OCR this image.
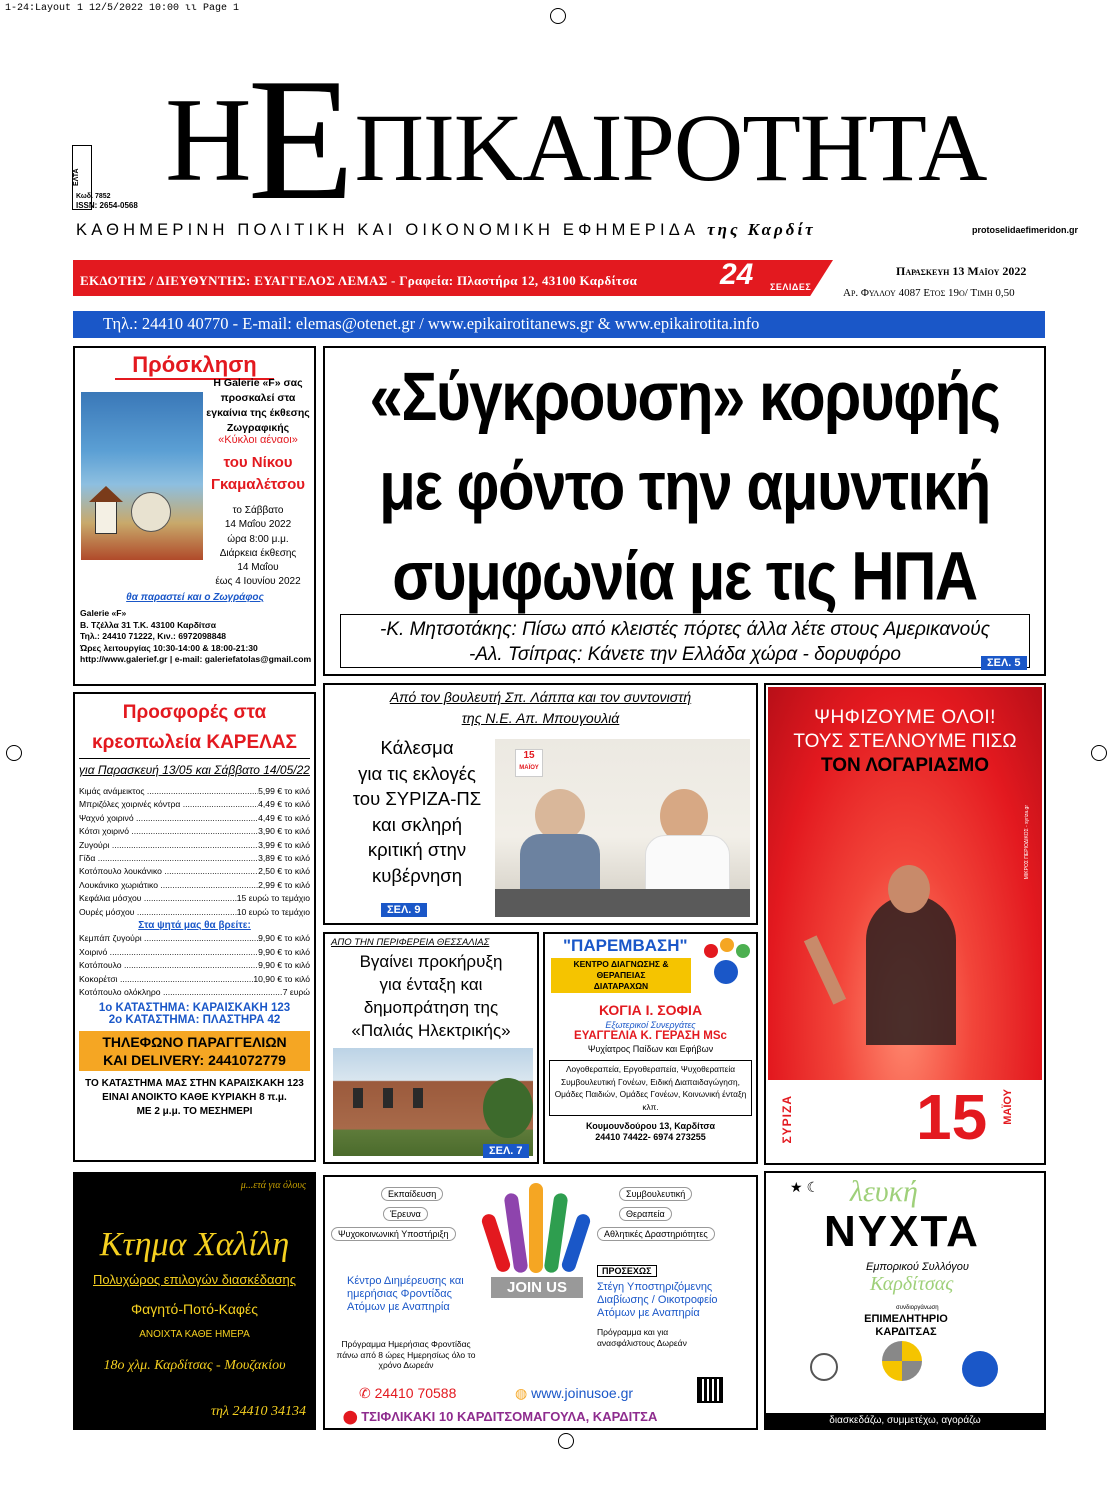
1-24:Layout 1 12/5/2022 10:00 ιι Page 1
ΕΛΤΑ
Κωδ. 7852
ISSN: 2654-0568 Η ΕΠΙΚΑΙΡΟΤΗΤΑ
ΚΑΘΗΜΕΡΙΝΗ ΠΟΛΙΤΙΚΗ ΚΑΙ ΟΙΚΟΝΟΜΙΚΗ ΕΦΗΜΕΡΙΔΑ της Καρδίτ	protoselidaefimeridon.gr
ΕΚΔΟΤΗΣ / ΔΙΕΥΘΥΝΤΗΣ: ΕΥΑΓΓΕΛΟΣ ΛΕΜΑΣ - Γραφεία: Πλαστήρα 12, 43100 Καρδίτσα	24 ΣΕΛΙΔΕΣ
Παρασκευη 13 Μαϊου 2022
Αρ. Φυλλου 4087 Ετος 19ο/ Τιμη 0,50
Τηλ.: 24410 40770 - E-mail: elemas@otenet.gr / www.epikairotitanews.gr & www.epikairotita.info
Πρόσκληση
Η Galerie «F» σας προσκαλεί στα εγκαίνια της έκθεσης Ζωγραφικής
«Κύκλοι αέναοι»
του Νίκου
Γκαμαλέτσου
το Σάββατο
14 Μαΐου 2022
ώρα 8:00 μ.μ.
Διάρκεια έκθεσης
14 Μαΐου
έως 4 Ιουνίου 2022
θα παραστεί και ο Ζωγράφος
Galerie «F»
Β. Τζέλλα 31 Τ.Κ. 43100 Καρδίτσα
Τηλ.: 24410 71222, Κιν.: 6972098848
Ώρες λειτουργίας 10:30-14:00 & 18:00-21:30
http://www.galerief.gr | e-mail: galeriefatolas@gmail.com
«Σύγκρουση» κορυφής
με φόντο την αμυντική
συμφωνία με τις ΗΠΑ
-Κ. Μητσοτάκης: Πίσω από κλειστές πόρτες άλλα λέτε στους Αμερικανούς
-Αλ. Τσίπρας: Κάνετε την Ελλάδα χώρα - δορυφόρο	ΣΕΛ. 5
Προσφορές στα
κρεοπωλεία ΚΑΡΕΛΑΣ
για Παρασκευή 13/05 και Σάββατο 14/05/22
Κιμάς ανάμεικτος .....	5,99 € το κιλό
Μπριζόλες χοιρινές κόντρα .....	4,49 € το κιλό
Ψαχνό χοιρινό .....	4,49 € το κιλό
Κότσι χοιρινό .....	3,90 € το κιλό
Ζυγούρι .....	3,99 € το κιλό
Γίδα .....	3,89 € το κιλό
Κοτόπουλο λουκάνικο .....	2,50 € το κιλό
Λουκάνικο χωριάτικο .....	2,99 € το κιλό
Κεφάλια μόσχου .....	15 ευρώ το τεμάχιο
Ουρές μόσχου .....	10 ευρώ το τεμάχιο
Στα ψητά μας θα βρείτε:
Κεμπάπ ζυγούρι .....	9,90 € το κιλό
Χοιρινό .....	9,90 € το κιλό
Κοτόπουλο .....	9,90 € το κιλό
Κοκορέτσι .....	10,90 € το κιλό
Κοτόπουλο ολόκληρο .....	7 ευρώ
1ο ΚΑΤΑΣΤΗΜΑ: ΚΑΡΑΙΣΚΑΚΗ 123
2ο ΚΑΤΑΣΤΗΜΑ: ΠΛΑΣΤΗΡΑ 42
ΤΗΛΕΦΩΝΟ ΠΑΡΑΓΓΕΛΙΩΝ
ΚΑΙ DELIVERY: 2441072779
ΤΟ ΚΑΤΑΣΤΗΜΑ ΜΑΣ ΣΤΗΝ ΚΑΡΑΙΣΚΑΚΗ 123
ΕΙΝΑΙ ΑΝΟΙΚΤΟ ΚΑΘΕ ΚΥΡΙΑΚΗ 8 π.μ.
ΜΕ 2 μ.μ. ΤΟ ΜΕΣΗΜΕΡΙ
Από τον βουλευτή Σπ. Λάππα και τον συντονιστή
της Ν.Ε. Απ. Μπουγουλιά
Κάλεσμα
για τις εκλογές
του ΣΥΡΙΖΑ-ΠΣ
και σκληρή
κριτική στην
κυβέρνηση
15
ΜΑΪΟΥ
ΣΕΛ. 9
ΑΠΟ ΤΗΝ ΠΕΡΙΦΕΡΕΙΑ ΘΕΣΣΑΛΙΑΣ
Βγαίνει προκήρυξη
για ένταξη και
δημοπράτηση της
«Παλιάς Ηλεκτρικής»
ΣΕΛ. 7
"ΠΑΡΕΜΒΑΣΗ"
ΚΕΝΤΡΟ ΔΙΑΓΝΩΣΗΣ & ΘΕΡΑΠΕΙΑΣ
ΔΙΑΤΑΡΑΧΩΝ
ΚΟΓΙΑ Ι. ΣΟΦΙΑ
Εξωτερικοί Συνεργάτες
ΕΥΑΓΓΕΛΙΑ Κ. ΓΕΡΑΣΗ MSc
Ψυχίατρος Παίδων και Εφήβων
Λογοθεραπεία, Εργοθεραπεία, Ψυχοθεραπεία
Συμβουλευτική Γονέων, Ειδική Διαπαιδαγώγηση,
Ομάδες Παιδιών, Ομάδες Γονέων, Κοινωνική ένταξη κλπ.
Κουμουνδούρου 13, Καρδίτσα
24410 74422- 6974 273255
ΨΗΦΙΖΟΥΜΕ ΟΛΟΙ!
ΤΟΥΣ ΣΤΕΛΝΟΥΜΕ ΠΙΣΩ
ΤΟΝ ΛΟΓΑΡΙΑΣΜΟ
ΜΙΚΡΟΣ ΠΕΡΙΟΔΙΚΟΣ - syriza.gr
ΣΥΡΙΖΑ 15 ΜΑΪΟΥ
μ...ετά για όλους
Κτημα Χαλίλη
Πολυχώρος επιλογών διασκέδασης
Φαγητό-Ποτό-Καφές
ΑΝΟΙΧΤΑ ΚΑΘΕ ΗΜΕΡΑ
18ο χλμ. Καρδίτσας - Μουζακίου
τηλ 24410 34134
Εκπαίδευση
Έρευνα
Ψυχοκοινωνική Υποστήριξη
Συμβουλευτική
Θεραπεία
Αθλητικές Δραστηριότητες
JOIN US
Κέντρο Διημέρευσης και ημερήσιας Φροντίδας Ατόμων με Αναπηρία
Πρόγραμμα Ημερήσιας Φροντίδας πάνω από 8 ώρες Ημερησίως όλο το χρόνο Δωρεάν
ΠΡΟΣΕΧΩΣ
Στέγη Υποστηριζόμενης Διαβίωσης / Οικοτροφείο Ατόμων με Αναπηρία
Πρόγραμμα και για ανασφάλιστους Δωρεάν
✆ 24410 70588	◍ www.joinusoe.gr
⬤ ΤΣΙΦΛΙΚΑΚΙ 10 ΚΑΡΔΙΤΣΟΜΑΓΟΥΛΑ, ΚΑΡΔΙΤΣΑ
★ ☾ λευκή
ΝΥΧΤΑ
Εμπορικού Συλλόγου
Καρδίτσας
συνδιοργάνωση
ΕΠΙΜΕΛΗΤΗΡΙΟ
ΚΑΡΔΙΤΣΑΣ
διασκεδάζω, συμμετέχω, αγοράζω
